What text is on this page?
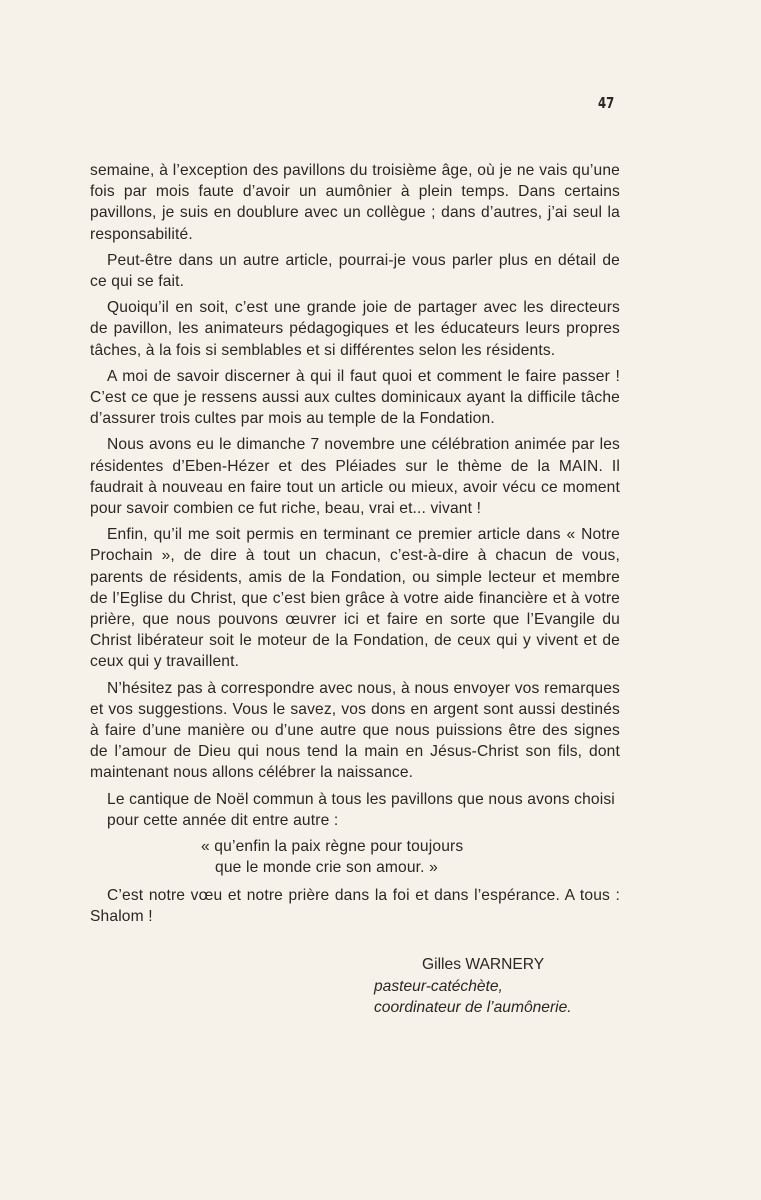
47

semaine, à l’exception des pavillons du troisième âge, où je ne vais qu’une fois par mois faute d’avoir un aumônier à plein temps. Dans certains pavillons, je suis en doublure avec un collègue ; dans d’autres, j’ai seul la responsabilité.

Peut-être dans un autre article, pourrai-je vous parler plus en détail de ce qui se fait.

Quoiqu’il en soit, c’est une grande joie de partager avec les directeurs de pavillon, les animateurs pédagogiques et les éducateurs leurs propres tâches, à la fois si semblables et si différentes selon les résidents.

A moi de savoir discerner à qui il faut quoi et comment le faire passer ! C’est ce que je ressens aussi aux cultes dominicaux ayant la difficile tâche d’assurer trois cultes par mois au temple de la Fondation.

Nous avons eu le dimanche 7 novembre une célébration animée par les résidentes d’Eben-Hézer et des Pléiades sur le thème de la MAIN. Il faudrait à nouveau en faire tout un article ou mieux, avoir vécu ce moment pour savoir combien ce fut riche, beau, vrai et... vivant !

Enfin, qu’il me soit permis en terminant ce premier article dans « Notre Prochain », de dire à tout un chacun, c’est-à-dire à chacun de vous, parents de résidents, amis de la Fondation, ou simple lecteur et membre de l’Eglise du Christ, que c’est bien grâce à votre aide financière et à votre prière, que nous pouvons œuvrer ici et faire en sorte que l’Evangile du Christ libérateur soit le moteur de la Fondation, de ceux qui y vivent et de ceux qui y travaillent.

N’hésitez pas à correspondre avec nous, à nous envoyer vos remarques et vos suggestions. Vous le savez, vos dons en argent sont aussi destinés à faire d’une manière ou d’une autre que nous puissions être des signes de l’amour de Dieu qui nous tend la main en Jésus-Christ son fils, dont maintenant nous allons célébrer la naissance.

Le cantique de Noël commun à tous les pavillons que nous avons choisi pour cette année dit entre autre :

« qu’enfin la paix règne pour toujours
que le monde crie son amour. »

C’est notre vœu et notre prière dans la foi et dans l’espérance. A tous : Shalom !

Gilles WARNERY
pasteur-catéchète,
coordinateur de l’aumônerie.
